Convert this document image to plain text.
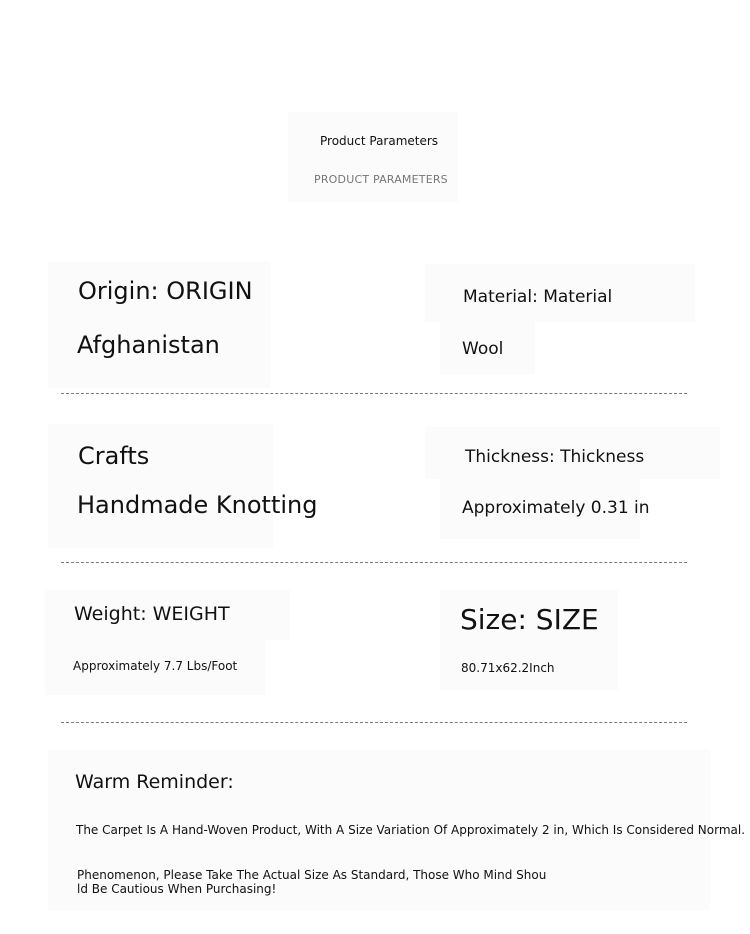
Product Parameters
PRODUCT PARAMETERS
Origin: ORIGIN
Afghanistan
Material: Material
Wool
Crafts
Handmade Knotting
Thickness: Thickness
Approximately 0.31 in
Weight: WEIGHT
Approximately 7.7 Lbs/Foot
Size: SIZE
80.71x62.2Inch
Warm Reminder:
The Carpet Is A Hand-Woven Product, With A Size Variation Of Approximately 2 in, Which Is Considered Normal.
Phenomenon, Please Take The Actual Size As Standard, Those Who Mind Shou
ld Be Cautious When Purchasing!
